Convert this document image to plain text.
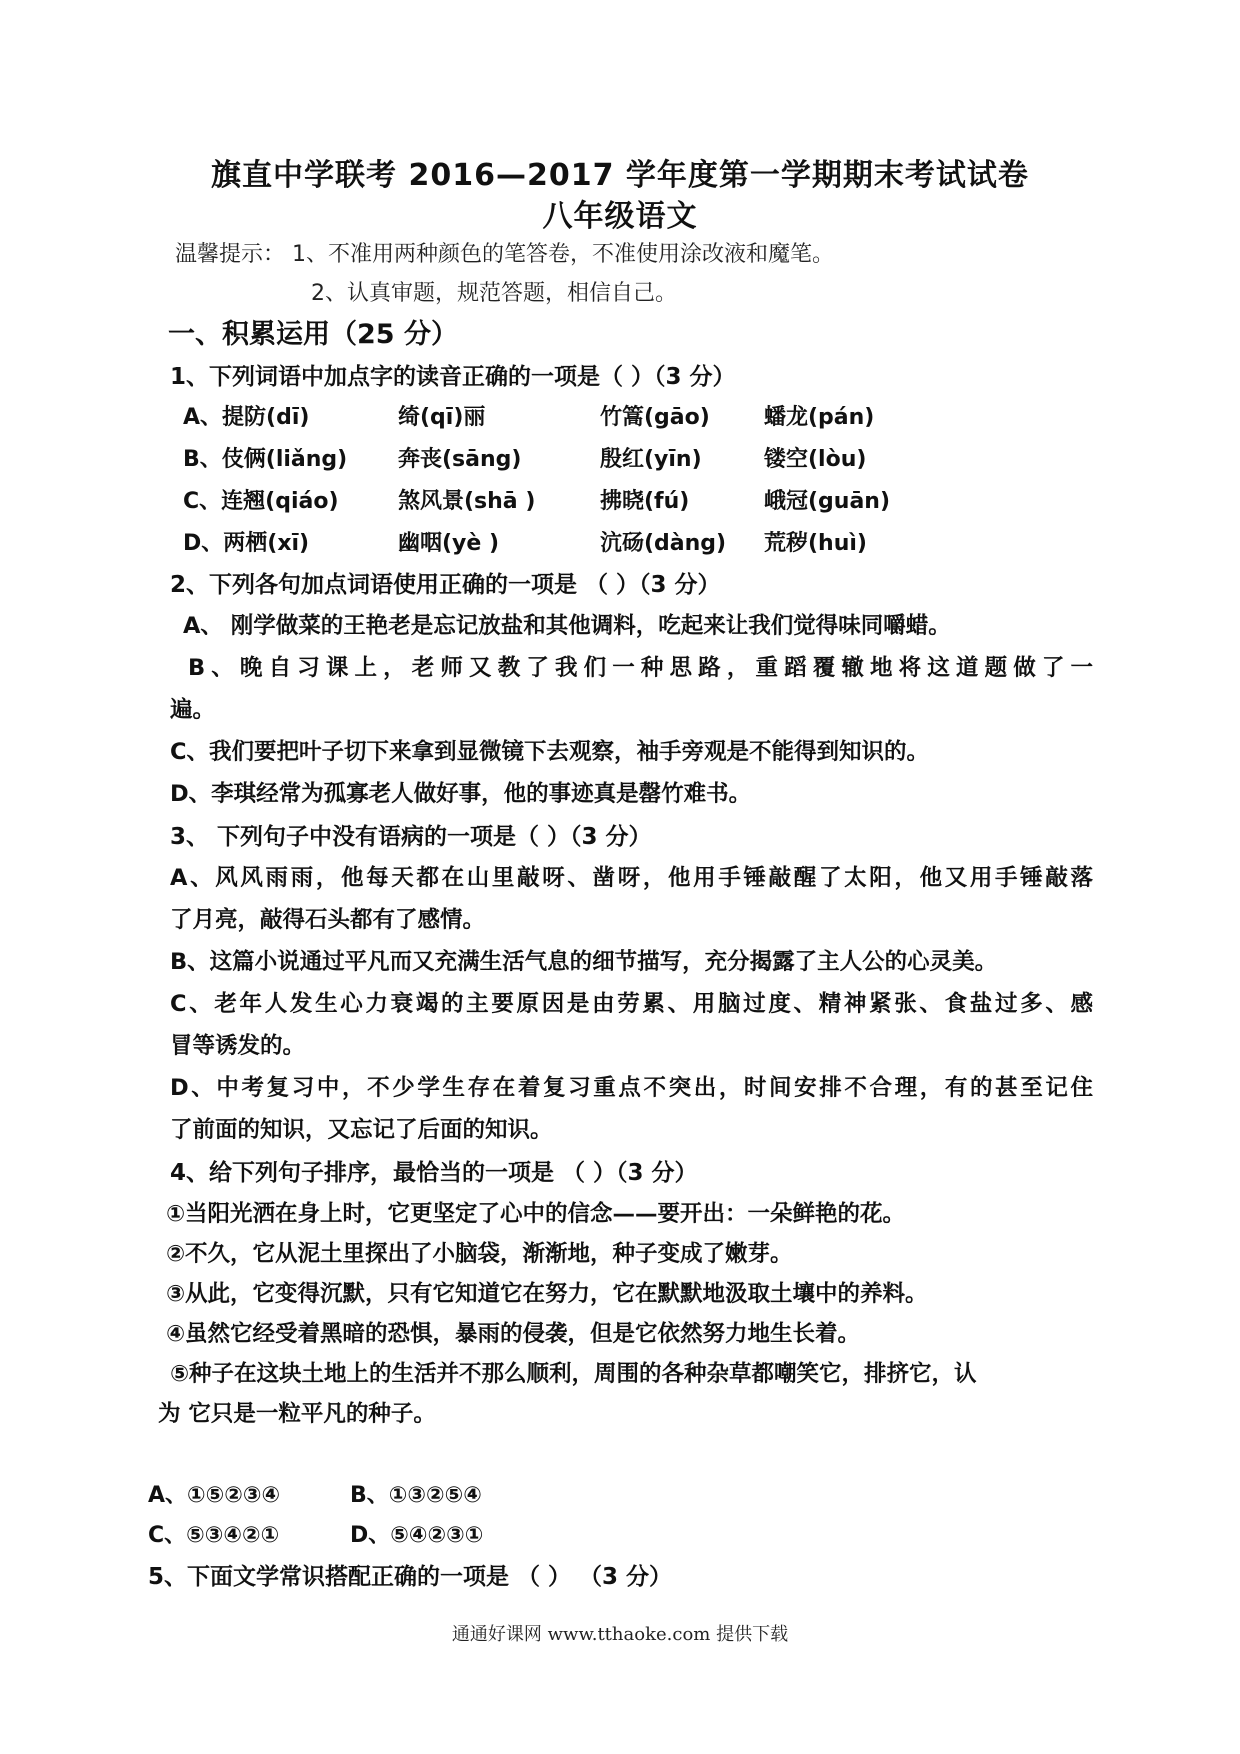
旗直中学联考 2016—2017 学年度第一学期期末考试试卷
八年级语文
温馨提示： 1、不准用两种颜色的笔答卷，不准使用涂改液和魔笔。
2、认真审题，规范答题，相信自己。
一、积累运用（25 分）
1、下列词语中加点字的读音正确的一项是（ ）（3 分）
A、提防(dī)	绮(qī)丽	竹篙(gāo) 蟠龙(pán)
B、伎俩(liǎng) 奔丧(sāng)	殷红(yīn)	镂空(lòu)
C、连翘(qiáo)	煞风景(shā )	拂晓(fú)	峨冠(guān)
D、两栖(xī)	幽咽(yè )	沆砀(dàng) 荒秽(huì)
2、下列各句加点词语使用正确的一项是 （ ）（3 分）
A、 刚学做菜的王艳老是忘记放盐和其他调料，吃起来让我们觉得味同嚼蜡。
B、晚自习课上，老师又教了我们一种思路，重蹈覆辙地将这道题做了一
遍。
C、我们要把叶子切下来拿到显微镜下去观察，袖手旁观是不能得到知识的。
D、李琪经常为孤寡老人做好事，他的事迹真是罄竹难书。
3、 下列句子中没有语病的一项是（ ）（3 分）
A、风风雨雨，他每天都在山里敲呀、凿呀，他用手锤敲醒了太阳，他又用手锤敲落
了月亮，敲得石头都有了感情。
B、这篇小说通过平凡而又充满生活气息的细节描写，充分揭露了主人公的心灵美。
C、老年人发生心力衰竭的主要原因是由劳累、用脑过度、精神紧张、食盐过多、感
冒等诱发的。
D、中考复习中，不少学生存在着复习重点不突出，时间安排不合理，有的甚至记住
了前面的知识，又忘记了后面的知识。
4、给下列句子排序，最恰当的一项是 （ ）（3 分）
①当阳光洒在身上时，它更坚定了心中的信念——要开出：一朵鲜艳的花。
②不久，它从泥土里探出了小脑袋，渐渐地，种子变成了嫩芽。
③从此，它变得沉默，只有它知道它在努力，它在默默地汲取土壤中的养料。
④虽然它经受着黑暗的恐惧，暴雨的侵袭，但是它依然努力地生长着。
⑤种子在这块土地上的生活并不那么顺利，周围的各种杂草都嘲笑它，排挤它，认
为 它只是一粒平凡的种子。
A、①⑤②③④	B、①③②⑤④
C、⑤③④②①	D、⑤④②③①
5、下面文学常识搭配正确的一项是 （ ） （3 分）
通通好课网 www.tthaoke.com 提供下载
